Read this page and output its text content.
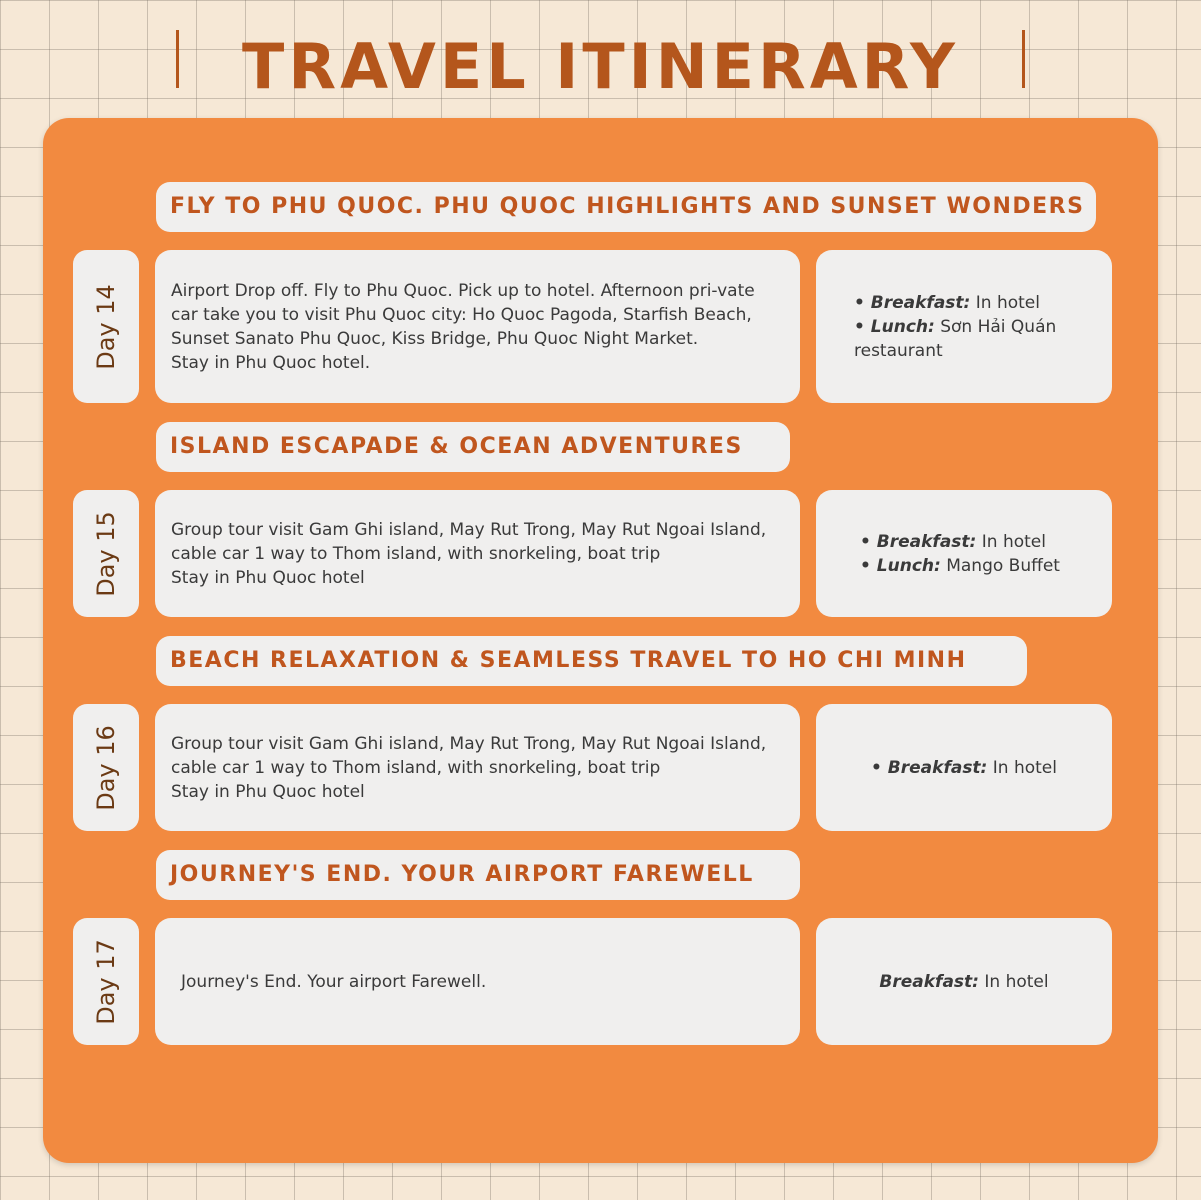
TRAVEL ITINERARY
FLY TO PHU QUOC. PHU QUOC HIGHLIGHTS AND SUNSET WONDERS
Day 14	Airport Drop off. Fly to Phu Quoc. Pick up to hotel. Afternoon pri-vate car take you to visit Phu Quoc city: Ho Quoc Pagoda, Starfish Beach, Sunset Sanato Phu Quoc, Kiss Bridge, Phu Quoc Night Market.

Stay in Phu Quoc hotel.

• Breakfast: In hotel
• Lunch: Sơn Hải Quán restaurant
ISLAND ESCAPADE & OCEAN ADVENTURES
Day 15	Group tour visit Gam Ghi island, May Rut Trong, May Rut Ngoai Island, cable car 1 way to Thom island, with snorkeling, boat trip

Stay in Phu Quoc hotel

• Breakfast: In hotel
• Lunch: Mango Buffet
BEACH RELAXATION & SEAMLESS TRAVEL TO HO CHI MINH
Day 16	Group tour visit Gam Ghi island, May Rut Trong, May Rut Ngoai Island, cable car 1 way to Thom island, with snorkeling, boat trip

Stay in Phu Quoc hotel

• Breakfast: In hotel
JOURNEY'S END. YOUR AIRPORT FAREWELL
Day 17	Journey's End. Your airport Farewell.	Breakfast: In hotel
